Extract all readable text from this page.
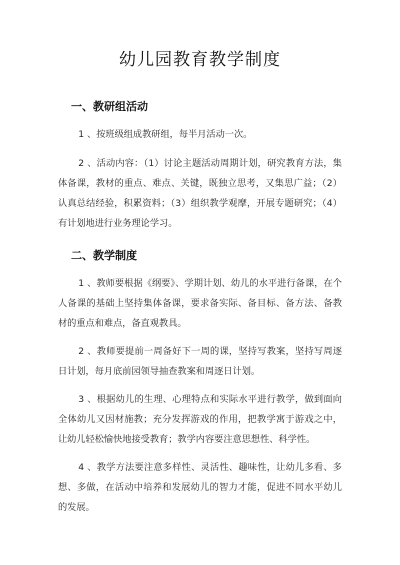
幼儿园教育教学制度
一、教研组活动

1 、按班级组成教研组，每半月活动一次。

2 、活动内容：（1）讨论主题活动周期计划，研究教育方法，集体备课，教材的重点、难点、关键，既独立思考，又集思广益；（2）认真总结经验，积累资料；（3）组织教学观摩，开展专题研究；（4）有计划地进行业务理论学习。

二、教学制度

1 、教师要根据《纲要》、学期计划、幼儿的水平进行备课，在个人备课的基础上坚持集体备课，要求备实际、备目标、备方法、备教材的重点和难点，备直观教具。

2 、教师要提前一周备好下一周的课，坚持写教案，坚持写周逐日计划，每月底前园领导抽查教案和周逐日计划。

3 、根据幼儿的生理、心理特点和实际水平进行教学，做到面向全体幼儿又因材施教；充分发挥游戏的作用，把教学寓于游戏之中，让幼儿轻松愉快地接受教育；教学内容要注意思想性、科学性。

4 、教学方法要注意多样性、灵活性、趣味性，让幼儿多看、多想、多做，在活动中培养和发展幼儿的智力才能，促进不同水平幼儿的发展。
